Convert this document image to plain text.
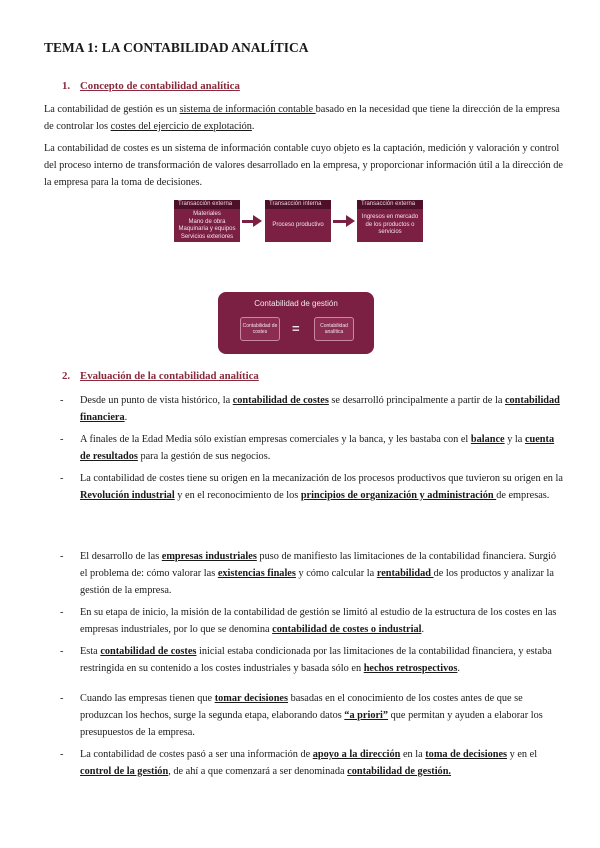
TEMA 1: LA CONTABILIDAD ANALÍTICA

1. Concepto de contabilidad analítica

La contabilidad de gestión es un sistema de información contable basado en la necesidad que tiene la dirección de la empresa de controlar los costes del ejercicio de explotación.

La contabilidad de costes es un sistema de información contable cuyo objeto es la captación, medición y valoración y control del proceso interno de transformación de valores desarrollado en la empresa, y proporcionar información útil a la dirección de la empresa para la toma de decisiones.

Transacción externa
Materiales
Mano de obra
Maquinaria y equipos
Servicios exteriores
Transacción interna
Proceso productivo
Transacción externa
Ingresos en mercado de los productos o servicios
Contabilidad de gestión
Contabilidad de costes	=	Contabilidad analítica

2. Evaluación de la contabilidad analítica

- Desde un punto de vista histórico, la contabilidad de costes se desarrolló principalmente a partir de la contabilidad financiera.
- A finales de la Edad Media sólo existían empresas comerciales y la banca, y les bastaba con el balance y la cuenta de resultados para la gestión de sus negocios.
- La contabilidad de costes tiene su origen en la mecanización de los procesos productivos que tuvieron su origen en la Revolución industrial y en el reconocimiento de los principios de organización y administración de empresas.
- El desarrollo de las empresas industriales puso de manifiesto las limitaciones de la contabilidad financiera. Surgió el problema de: cómo valorar las existencias finales y cómo calcular la rentabilidad de los productos y analizar la gestión de la empresa.
- En su etapa de inicio, la misión de la contabilidad de gestión se limitó al estudio de la estructura de los costes en las empresas industriales, por lo que se denomina contabilidad de costes o industrial.
- Esta contabilidad de costes inicial estaba condicionada por las limitaciones de la contabilidad financiera, y estaba restringida en su contenido a los costes industriales y basada sólo en hechos retrospectivos.
- Cuando las empresas tienen que tomar decisiones basadas en el conocimiento de los costes antes de que se produzcan los hechos, surge la segunda etapa, elaborando datos “a priori” que permitan y ayuden a elaborar los presupuestos de la empresa.
- La contabilidad de costes pasó a ser una información de apoyo a la dirección en la toma de decisiones y en el control de la gestión, de ahí a que comenzará a ser denominada contabilidad de gestión.
